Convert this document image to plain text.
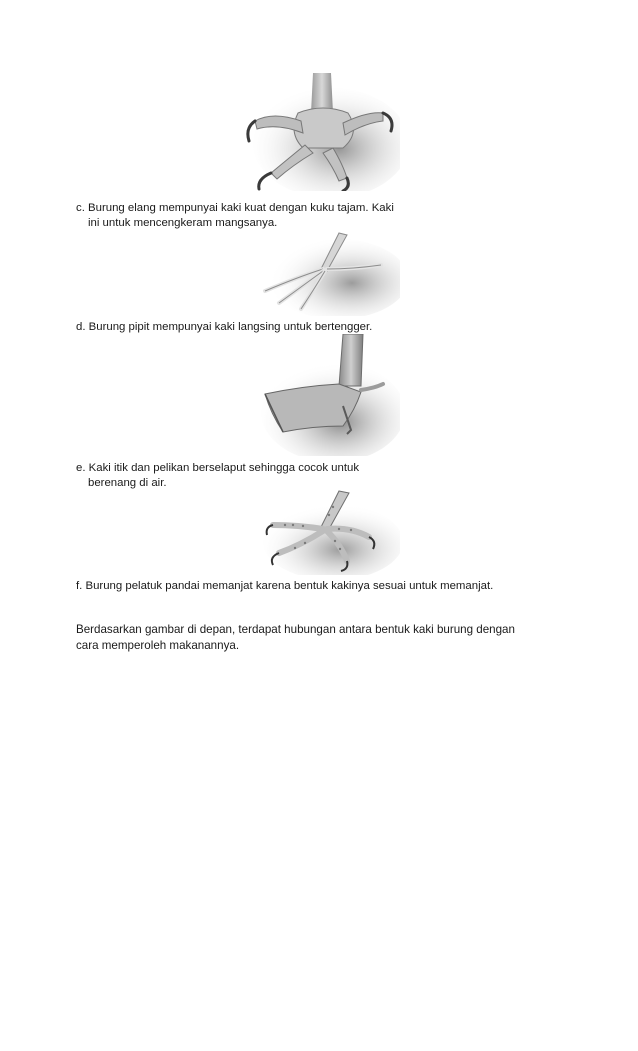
c. Burung elang mempunyai kaki kuat dengan kuku tajam. Kaki
ini untuk mencengkeram mangsanya.

d. Burung pipit mempunyai kaki langsing untuk bertengger.

e. Kaki itik dan pelikan berselaput sehingga cocok untuk
berenang di air.

f. Burung pelatuk pandai memanjat karena bentuk kakinya sesuai untuk memanjat.

Berdasarkan gambar di depan, terdapat hubungan antara bentuk kaki burung dengan
cara memperoleh makanannya.
